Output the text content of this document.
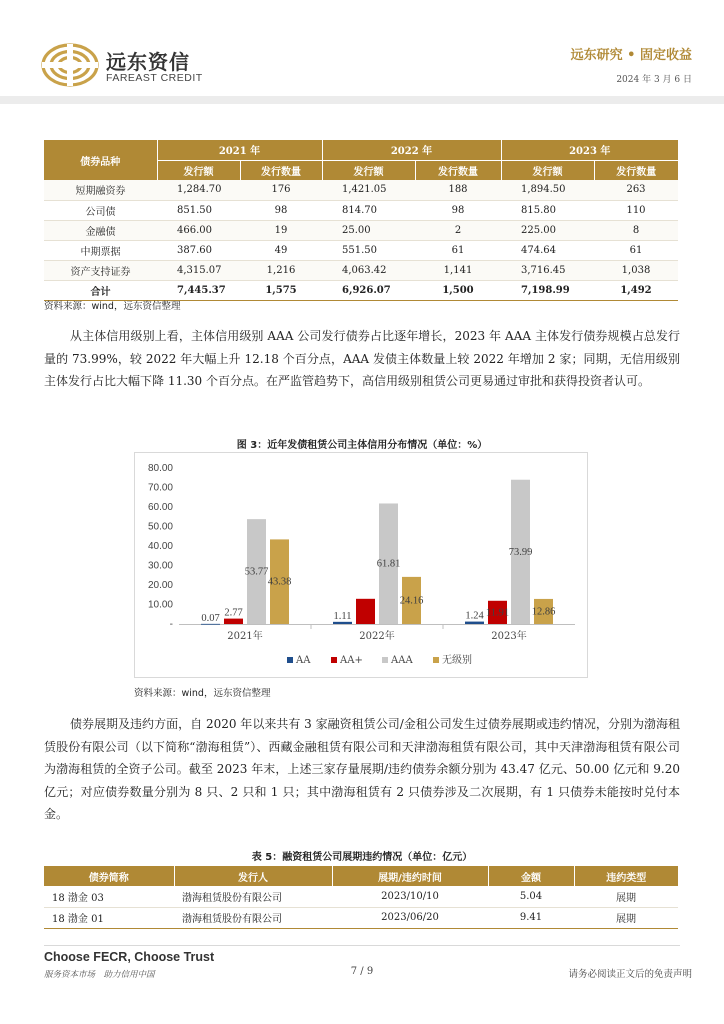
远东资信
FAREAST CREDIT
远东研究 • 固定收益
2024 年 3 月 6 日
债券品种	2021 年		2022 年		2023 年	
	发行额	发行数量	发行额	发行数量	发行额	发行数量
短期融资券	1,284.70	176	1,421.05	188	1,894.50	263
公司债	851.50	98	814.70	98	815.80	110
金融债	466.00	19	25.00	2	225.00	8
中期票据	387.60	49	551.50	61	474.64	61
资产支持证券	4,315.07	1,216	4,063.42	1,141	3,716.45	1,038
合计	7,445.37	1,575	6,926.07	1,500	7,198.99	1,492
资料来源：wind，远东资信整理

从主体信用级别上看，主体信用级别 AAA 公司发行债券占比逐年增长，2023 年 AAA 主体发行债券规模占总发行量的 73.99%，较 2022 年大幅上升 12.18 个百分点，AAA 发债主体数量上较 2022 年增加 2 家；同期，无信用级别主体发行占比大幅下降 11.30 个百分点。在严监管趋势下，高信用级别租赁公司更易通过审批和获得投资者认可。

图 3：近年发债租赁公司主体信用分布情况（单位：%）
-
10.00
20.00
30.00
40.00
50.00
60.00
70.00
80.00
0.07 2.77
53.77
43.38
2021年
1.11
61.81
24.16
2022年
1.24 11.91
73.99
12.86
2023年
AA	AA+	AAA	无级别
资料来源：wind，远东资信整理

债券展期及违约方面，自 2020 年以来共有 3 家融资租赁公司/金租公司发生过债券展期或违约情况，分别为渤海租赁股份有限公司（以下简称“渤海租赁”）、西藏金融租赁有限公司和天津渤海租赁有限公司，其中天津渤海租赁有限公司为渤海租赁的全资子公司。截至 2023 年末，上述三家存量展期/违约债券余额分别为 43.47 亿元、50.00 亿元和 9.20 亿元；对应债券数量分别为 8 只、2 只和 1 只；其中渤海租赁有 2 只债券涉及二次展期，有 1 只债券未能按时兑付本金。

表 5：融资租赁公司展期违约情况（单位：亿元）
债券简称	发行人	展期/违约时间	金额	违约类型
18 渤金 03	渤海租赁股份有限公司	2023/10/10	5.04	展期
18 渤金 01	渤海租赁股份有限公司	2023/06/20	9.41	展期
Choose FECR, Choose Trust
服务资本市场　助力信用中国	7 / 9	请务必阅读正文后的免责声明
